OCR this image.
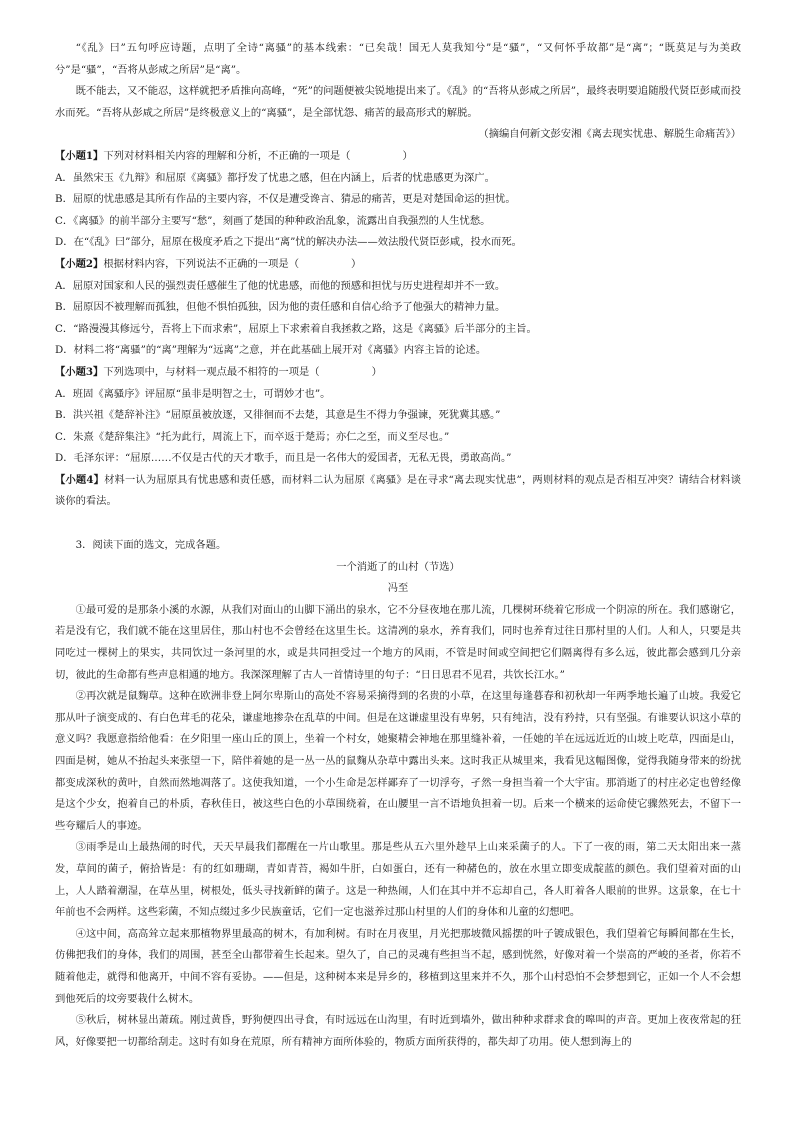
“《乱》曰”五句呼应诗题，点明了全诗“离骚”的基本线索：“已矣哉！国无人莫我知兮”是“骚”，“又何怀乎故都”是“离”；“既莫足与为美政兮”是“骚”，“吾将从彭咸之所居”是“离”。

既不能去，又不能忍，这样就把矛盾推向高峰，“死”的问题便被尖锐地提出来了。《乱》的“吾将从彭咸之所居”，最终表明要追随殷代贤臣彭咸而投水而死。“吾将从彭咸之所居”是终极意义上的“离骚”，是全部忧怨、痛苦的最高形式的解脱。

（摘编自何新文彭安湘《离去现实忧患、解脱生命痛苦》）

【小题1】下列对材料相关内容的理解和分析，不正确的一项是（	）

A．虽然宋玉《九辩》和屈原《离骚》都抒发了忧患之感，但在内涵上，后者的忧患感更为深广。

B．屈原的忧患感是其所有作品的主要内容，不仅是遭受谗言、猜忌的痛苦，更是对楚国命运的担忧。

C．《离骚》的前半部分主要写“愁”，刻画了楚国的种种政治乱象，流露出自我强烈的人生忧愁。

D．在“《乱》曰”部分，屈原在极度矛盾之下提出“离”忧的解决办法——效法殷代贤臣彭咸，投水而死。

【小题2】根据材料内容，下列说法不正确的一项是（	）

A．屈原对国家和人民的强烈责任感催生了他的忧患感，而他的预感和担忧与历史进程却并不一致。

B．屈原因不被理解而孤独，但他不惧怕孤独，因为他的责任感和自信心给予了他强大的精神力量。

C．“路漫漫其修远兮，吾将上下而求索”，屈原上下求索着自我拯救之路，这是《离骚》后半部分的主旨。

D．材料二将“离骚”的“离”理解为“远离”之意，并在此基础上展开对《离骚》内容主旨的论述。

【小题3】下列选项中，与材料一观点最不相符的一项是（	）

A．班固《离骚序》评屈原“虽非是明智之士，可谓妙才也”。

B．洪兴祖《楚辞补注》“屈原虽被放逐，又徘徊而不去楚，其意是生不得力争强谏，死犹冀其感。”

C．朱熹《楚辞集注》“托为此行，周流上下，而卒返于楚焉；亦仁之至，而义至尽也。”

D．毛泽东评：“屈原……不仅是古代的天才歌手，而且是一名伟大的爱国者，无私无畏，勇敢高尚。”

【小题4】材料一认为屈原具有忧患感和责任感，而材料二认为屈原《离骚》是在寻求“离去现实忧患”，两则材料的观点是否相互冲突？请结合材料谈谈你的看法。

3．阅读下面的选文，完成各题。

一个消逝了的山村（节选）

冯至

①最可爱的是那条小溪的水源，从我们对面山的山脚下涌出的泉水，它不分昼夜地在那儿流，几棵树环绕着它形成一个阴凉的所在。我们感谢它，若是没有它，我们就不能在这里居住，那山村也不会曾经在这里生长。这清冽的泉水，养育我们，同时也养育过往日那村里的人们。人和人，只要是共同吃过一棵树上的果实，共同饮过一条河里的水，或是共同担受过一个地方的风雨，不管是时间或空间把它们隔离得有多么远，彼此都会感到几分亲切，彼此的生命都有些声息相通的地方。我深深理解了古人一首情诗里的句子：“日日思君不见君，共饮长江水。”

②再次就是鼠麴草。这种在欧洲非登上阿尔卑斯山的高处不容易采摘得到的名贵的小草，在这里每逢暮春和初秋却一年两季地长遍了山坡。我爱它那从叶子演变成的、有白色茸毛的花朵，谦虚地掺杂在乱草的中间。但是在这谦虚里没有卑躬，只有纯洁，没有矜持，只有坚强。有谁要认识这小草的意义吗？我愿意指给他看：在夕阳里一座山丘的顶上，坐着一个村女，她聚精会神地在那里缝补着，一任她的羊在远远近近的山坡上吃草，四面是山，四面是树，她从不抬起头来张望一下，陪伴着她的是一丛一丛的鼠麴从杂草中露出头来。这时我正从城里来，我看见这幅图像，觉得我随身带来的纷扰都变成深秋的黄叶，自然而然地凋落了。这使我知道，一个小生命是怎样鄙弃了一切浮夸，孑然一身担当着一个大宇宙。那消逝了的村庄必定也曾经像是这个少女，抱着自己的朴质，春秋佳日，被这些白色的小草围绕着，在山腰里一言不语地负担着一切。后来一个横来的运命使它骤然死去，不留下一些夸耀后人的事迹。

③雨季是山上最热闹的时代，天天早晨我们都醒在一片山歌里。那是些从五六里外趁早上山来采菌子的人。下了一夜的雨，第二天太阳出来一蒸发，草间的菌子，俯拾皆是：有的红如珊瑚，青如青苔，褐如牛肝，白如蛋白，还有一种赭色的，放在水里立即变成靛蓝的颜色。我们望着对面的山上，人人踏着潮湿，在草丛里，树根处，低头寻找新鲜的菌子。这是一种热闹，人们在其中并不忘却自己，各人盯着各人眼前的世界。这景象，在七十年前也不会两样。这些彩菌，不知点缀过多少民族童话，它们一定也滋养过那山村里的人们的身体和儿童的幻想吧。

④这中间，高高耸立起来那植物界里最高的树木，有加利树。有时在月夜里，月光把那坡微风摇摆的叶子镀成银色，我们望着它每瞬间都在生长，仿佛把我们的身体，我们的周围，甚至全山都带着生长起来。望久了，自己的灵魂有些担当不起，感到恍然，好像对着一个崇高的严峻的圣者，你若不随着他走，就得和他离开，中间不容有妥协。——但是，这种树本来是异乡的，移植到这里来并不久，那个山村恐怕不会梦想到它，正如一个人不会想到他死后的坟旁要栽什么树木。

⑤秋后，树林显出萧疏。刚过黄昏，野狗便四出寻食，有时远远在山沟里，有时近到墙外，做出种种求群求食的嗥叫的声音。更加上夜夜常起的狂风，好像要把一切都给刮走。这时有如身在荒原，所有精神方面所体验的，物质方面所获得的，都失却了功用。使人想到海上的
